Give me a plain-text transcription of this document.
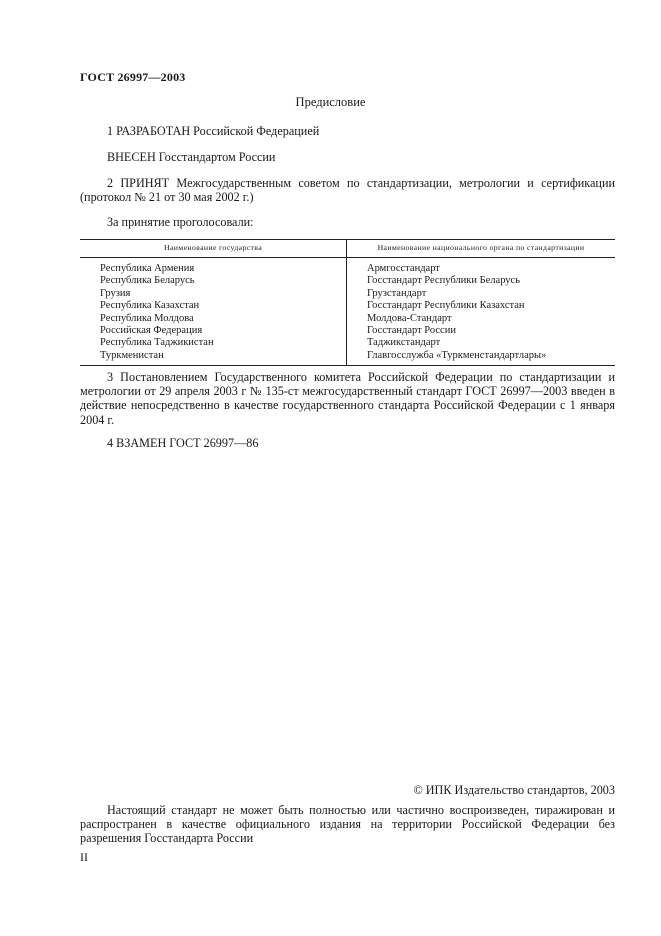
ГОСТ 26997—2003
Предисловие
1 РАЗРАБОТАН Российской Федерацией
ВНЕСЕН Госстандартом России
2 ПРИНЯТ Межгосударственным советом по стандартизации, метрологии и сертификации (протокол № 21 от 30 мая 2002 г.)
За принятие проголосовали:
Наименование государства	Наименование национального органа по стандартизации
Республика Армения	Армгосстандарт
Республика Беларусь	Госстандарт Республики Беларусь
Грузия	Грузстандарт
Республика Казахстан	Госстандарт Республики Казахстан
Республика Молдова	Молдова-Стандарт
Российская Федерация	Госстандарт России
Республика Таджикистан	Таджикстандарт
Туркменистан	Главгосслужба «Туркменстандартлары»
3 Постановлением Государственного комитета Российской Федерации по стандартизации и метрологии от 29 апреля 2003 г № 135-ст межгосударственный стандарт ГОСТ 26997—2003 введен в действие непосредственно в качестве государственного стандарта Российской Федерации с 1 января 2004 г.
4 ВЗАМЕН ГОСТ 26997—86
© ИПК Издательство стандартов, 2003
Настоящий стандарт не может быть полностью или частично воспроизведен, тиражирован и распространен в качестве официального издания на территории Российской Федерации без разрешения Госстандарта России
II
